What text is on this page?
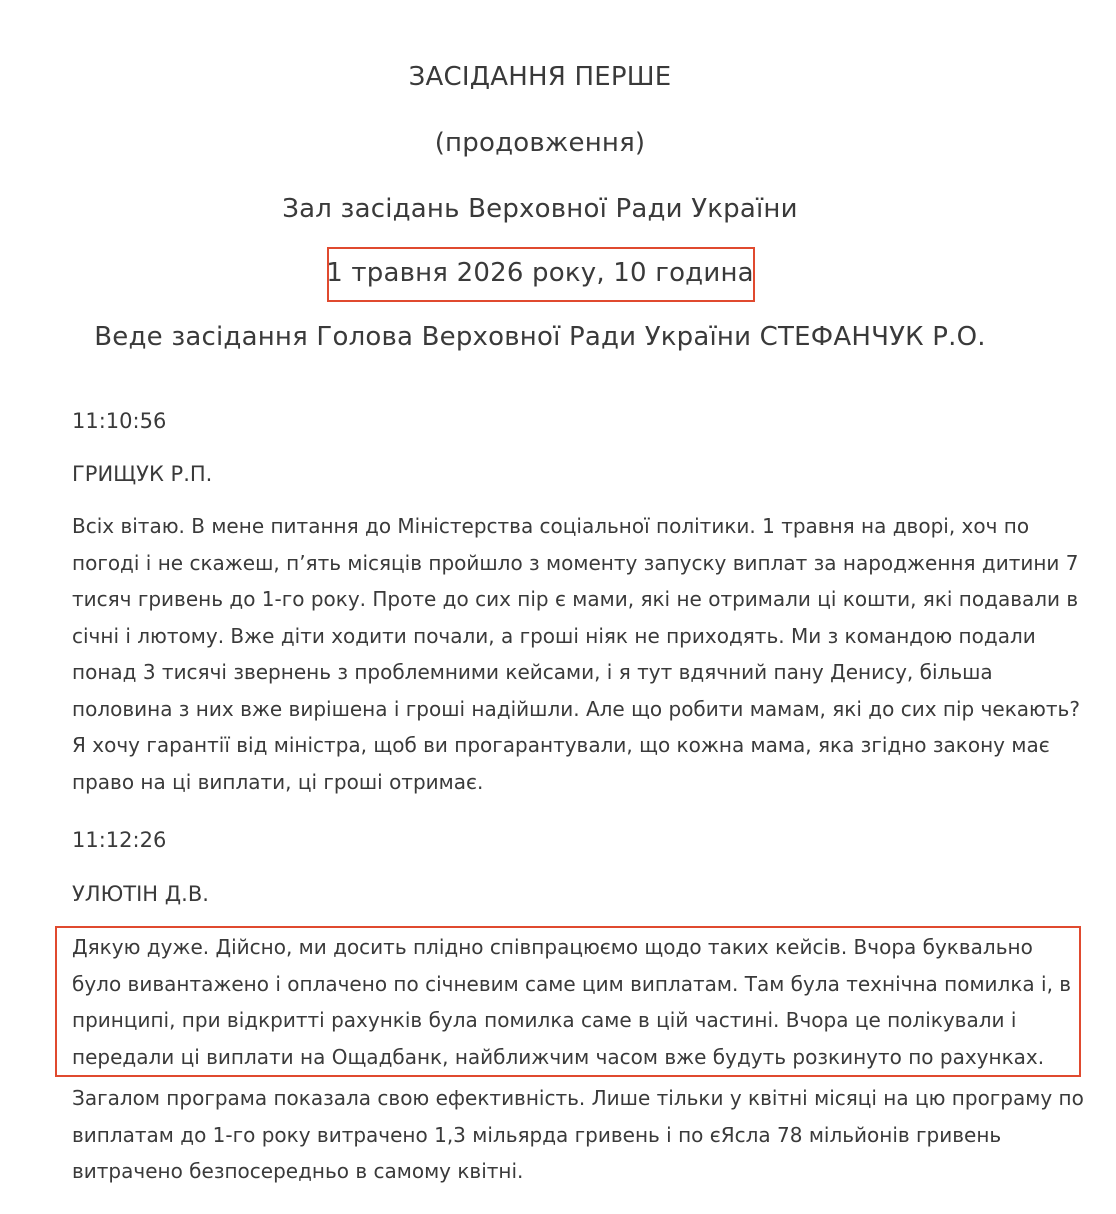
ЗАСІДАННЯ ПЕРШЕ
(продовження)
Зал засідань Верховної Ради України
1 травня 2026 року, 10 година
Веде засідання Голова Верховної Ради України СТЕФАНЧУК Р.О.
11:10:56
ГРИЩУК Р.П.
Всіх вітаю. В мене питання до Міністерства соціальної політики. 1 травня на дворі, хоч по
погоді і не скажеш, п’ять місяців пройшло з моменту запуску виплат за народження дитини 7
тисяч гривень до 1-го року. Проте до сих пір є мами, які не отримали ці кошти, які подавали в
січні і лютому. Вже діти ходити почали, а гроші ніяк не приходять. Ми з командою подали
понад 3 тисячі звернень з проблемними кейсами, і я тут вдячний пану Денису, більша
половина з них вже вирішена і гроші надійшли. Але що робити мамам, які до сих пір чекають?
Я хочу гарантії від міністра, щоб ви прогарантували, що кожна мама, яка згідно закону має
право на ці виплати, ці гроші отримає.
11:12:26
УЛЮТІН Д.В.
Дякую дуже. Дійсно, ми досить плідно співпрацюємо щодо таких кейсів. Вчора буквально
було вивантажено і оплачено по січневим саме цим виплатам. Там була технічна помилка і, в
принципі, при відкритті рахунків була помилка саме в цій частині. Вчора це полікували і
передали ці виплати на Ощадбанк, найближчим часом вже будуть розкинуто по рахунках.
Загалом програма показала свою ефективність. Лише тільки у квітні місяці на цю програму по
виплатам до 1-го року витрачено 1,3 мільярда гривень і по єЯсла 78 мільйонів гривень
витрачено безпосередньо в самому квітні.
